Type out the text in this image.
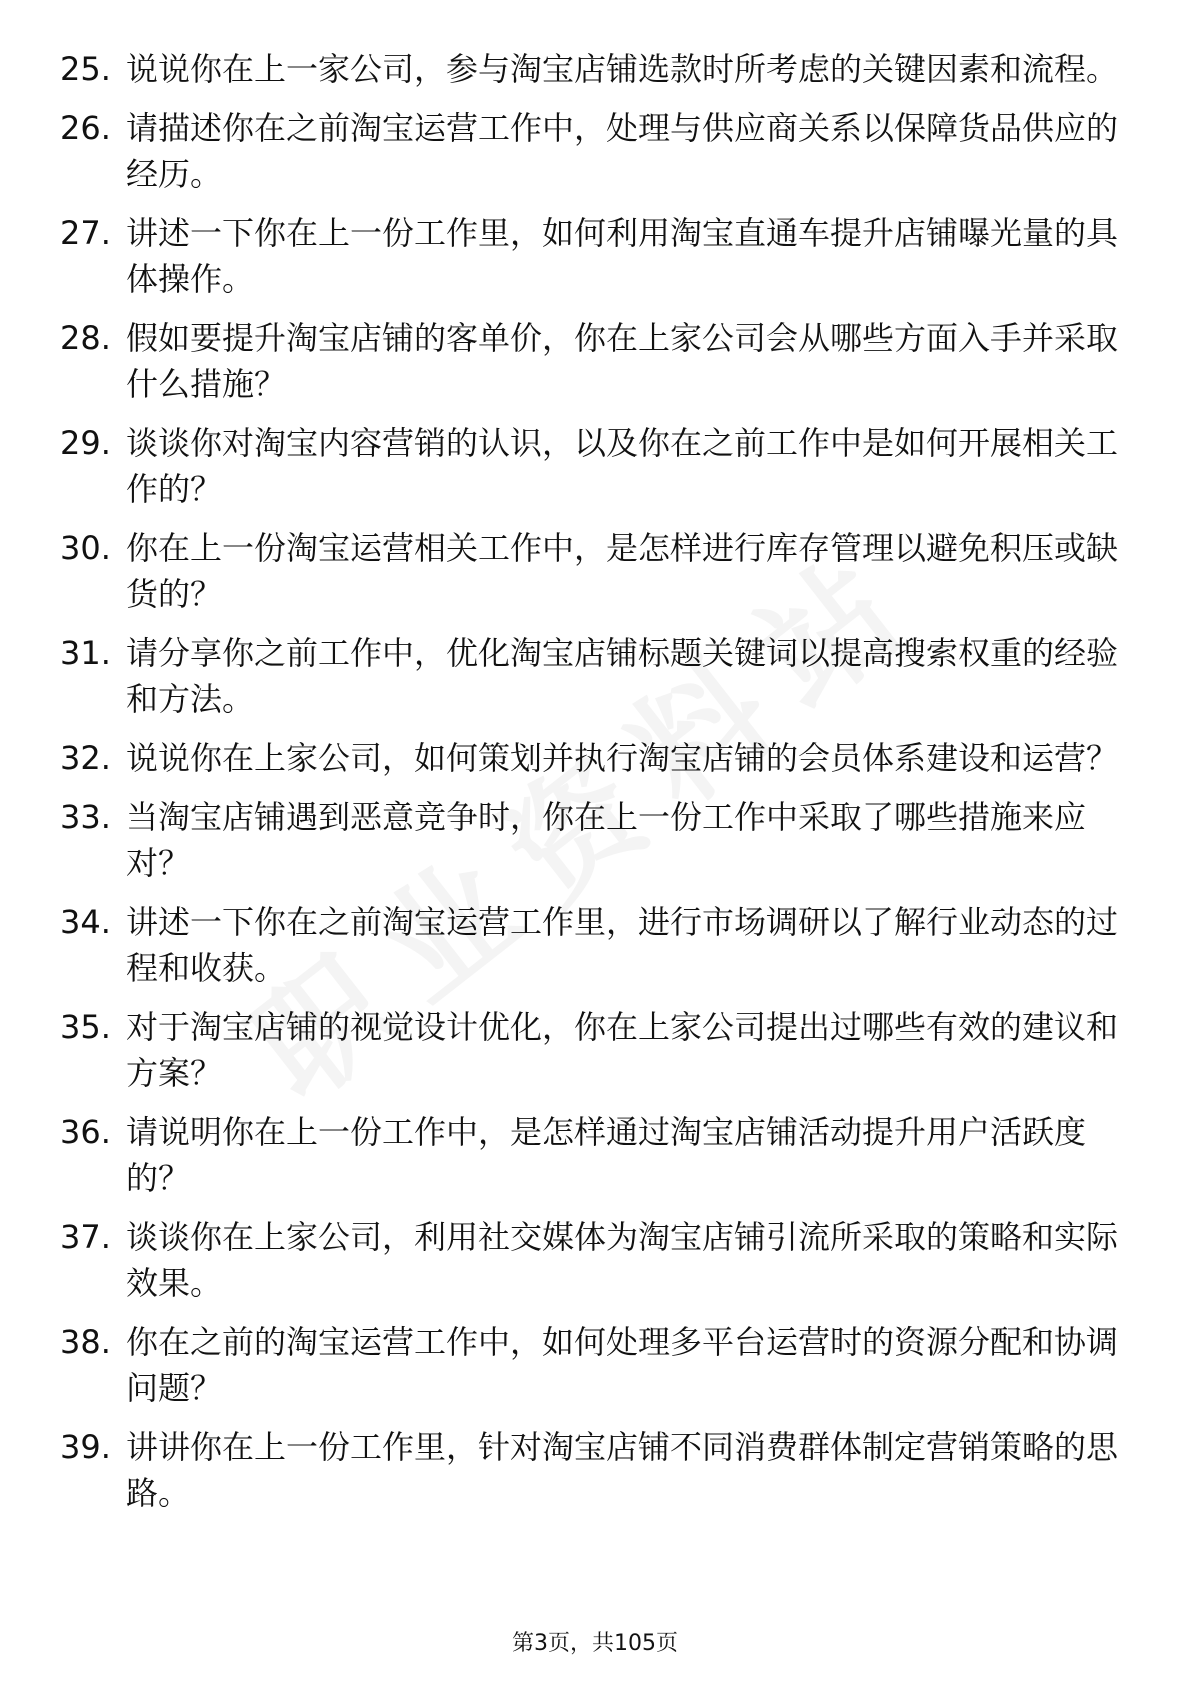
25. 说说你在上一家公司，参与淘宝店铺选款时所考虑的关键因素和流程。
26. 请描述你在之前淘宝运营工作中，处理与供应商关系以保障货品供应的经历。
27. 讲述一下你在上一份工作里，如何利用淘宝直通车提升店铺曝光量的具体操作。
28. 假如要提升淘宝店铺的客单价，你在上家公司会从哪些方面入手并采取什么措施？
29. 谈谈你对淘宝内容营销的认识，以及你在之前工作中是如何开展相关工作的？
30. 你在上一份淘宝运营相关工作中，是怎样进行库存管理以避免积压或缺货的？
31. 请分享你之前工作中，优化淘宝店铺标题关键词以提高搜索权重的经验和方法。
32. 说说你在上家公司，如何策划并执行淘宝店铺的会员体系建设和运营？
33. 当淘宝店铺遇到恶意竞争时，你在上一份工作中采取了哪些措施来应对？
34. 讲述一下你在之前淘宝运营工作里，进行市场调研以了解行业动态的过程和收获。
35. 对于淘宝店铺的视觉设计优化，你在上家公司提出过哪些有效的建议和方案？
36. 请说明你在上一份工作中，是怎样通过淘宝店铺活动提升用户活跃度的？
37. 谈谈你在上家公司，利用社交媒体为淘宝店铺引流所采取的策略和实际效果。
38. 你在之前的淘宝运营工作中，如何处理多平台运营时的资源分配和协调问题？
39. 讲讲你在上一份工作里，针对淘宝店铺不同消费群体制定营销策略的思路。
第3页，共105页
